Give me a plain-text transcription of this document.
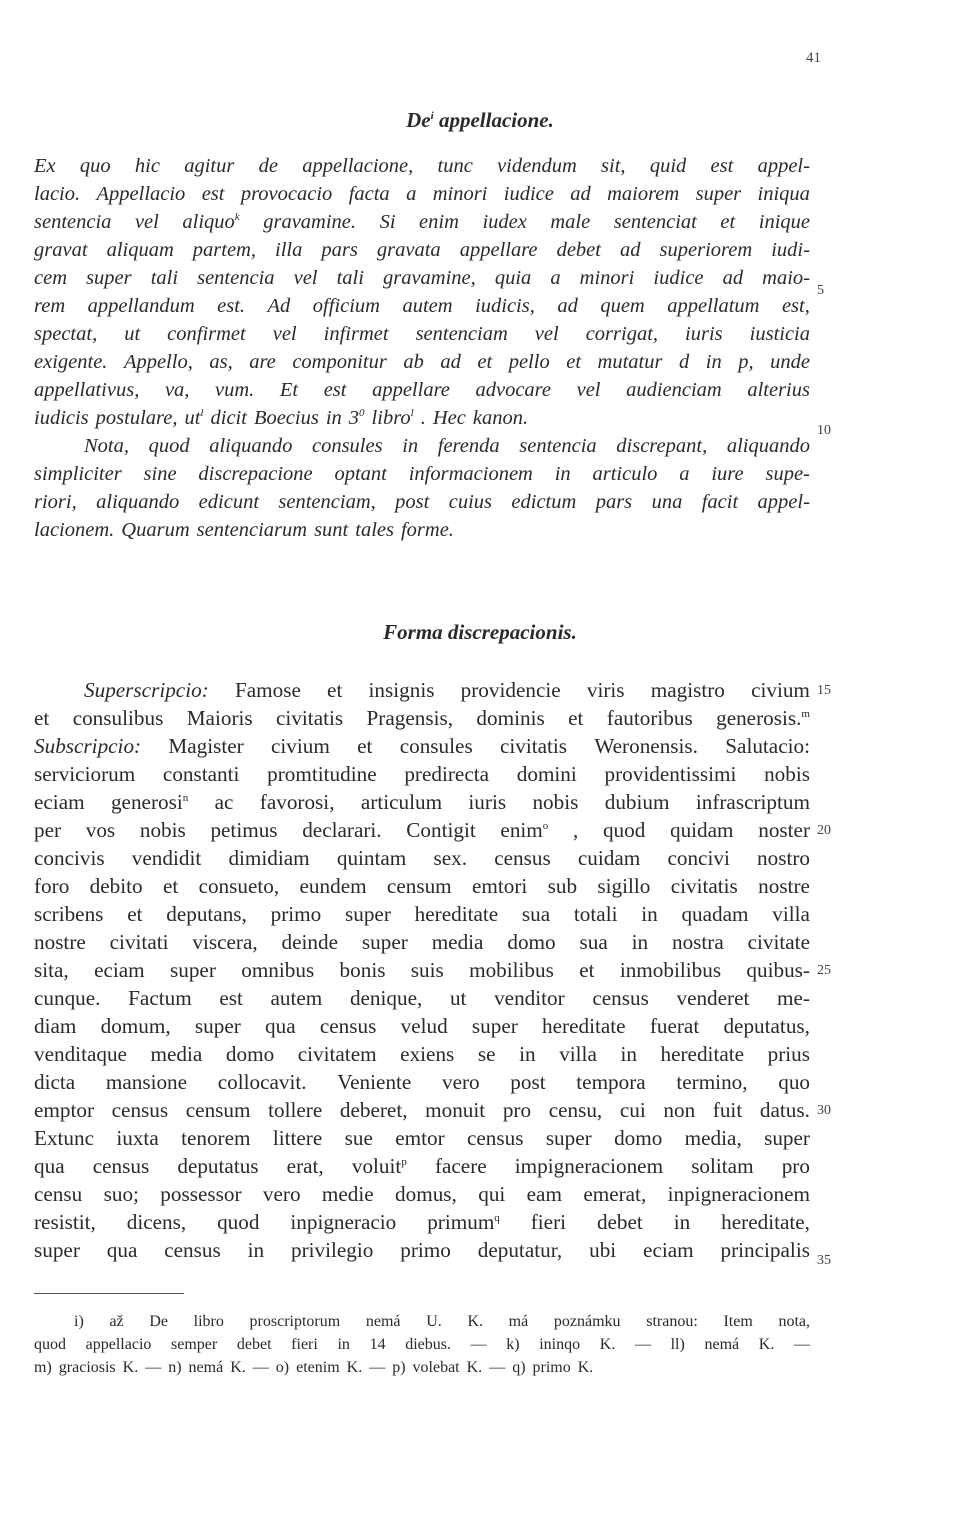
41
De$^i$ appellacione.
Ex quo hic agitur de appellacione, tunc videndum sit, quid est appel-
lacio. Appellacio est provocacio facta a minori iudice ad maiorem super iniqua
sentencia vel aliquo$^k$ gravamine. Si enim iudex male sentenciat et inique
gravat aliquam partem, illa pars gravata appellare debet ad superiorem iudi-
cem super tali sentencia vel tali gravamine, quia a minori iudice ad maio-
rem appellandum est. Ad officium autem iudicis, ad quem appellatum est,
spectat, ut confirmet vel infirmet sentenciam vel corrigat, iuris iusticia
exigente. Appello, as, are componitur ab ad et pello et mutatur d in p, unde
appellativus, va, vum. Et est appellare advocare vel audienciam alterius
iudicis postulare, $ut^l$ dicit Boecius in $3^0$ libro$^l$ . Hec kanon.
Nota, quod aliquando consules in ferenda sentencia discrepant, aliquando
simpliciter sine discrepacione optant informacionem in articulo a iure supe-
riori, aliquando edicunt sentenciam, post cuius edictum pars una facit appel-
lacionem. Quarum sentenciarum sunt tales forme.
Forma discrepacionis.
Superscripcio: Famose et insignis providencie viris magistro civium
et consulibus Maioris civitatis Pragensis, dominis et fautoribus generosis.$^m$
Subscripcio: Magister civium et consules civitatis Weronensis. Salutacio:
serviciorum constanti promtitudine predirecta domini providentissimi nobis
eciam generosi$^n$ ac favorosi, articulum iuris nobis dubium infrascriptum
per vos nobis petimus declarari. Contigit enim$^o$ , quod quidam noster
concivis vendidit dimidiam quintam sex. census cuidam concivi nostro
foro debito et consueto, eundem censum emtori sub sigillo civitatis nostre
scribens et deputans, primo super hereditate sua totali in quadam villa
nostre civitati viscera, deinde super media domo sua in nostra civitate
sita, eciam super omnibus bonis suis mobilibus et inmobilibus quibus-
cunque. Factum est autem denique, ut venditor census venderet me-
diam domum, super qua census velud super hereditate fuerat deputatus,
venditaque media domo civitatem exiens se in villa in hereditate prius
dicta mansione collocavit. Veniente vero post tempora termino, quo
emptor census censum tollere deberet, monuit pro censu, cui non fuit datus.
Extunc iuxta tenorem littere sue emtor census super domo media, super
qua census deputatus erat, voluit$^p$ facere impigneracionem solitam pro
censu suo; possessor vero medie domus, qui eam emerat, inpigneracionem
resistit, dicens, quod inpigneracio primum$^q$ fieri debet in hereditate,
super qua census in privilegio primo deputatur, ubi eciam principalis
5
10
15
20
25
30
35
i) až De libro proscriptorum nemá U. K. má poznámku stranou: Item nota,
quod appellacio semper debet fieri in 14 diebus. — k) ininqo K. — ll) nemá K. —
m) graciosis K. — n) nemá K. — o) etenim K. — p) volebat K. — q) primo K.
